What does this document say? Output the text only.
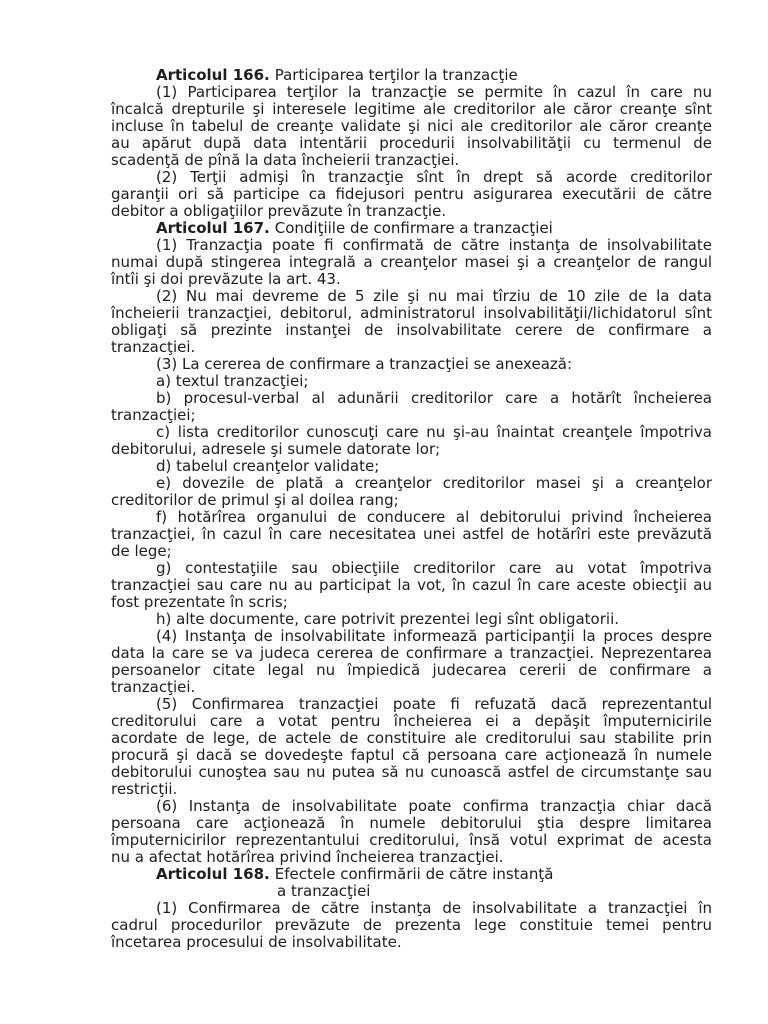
Articolul 166. Participarea terţilor la tranzacţie
(1) Participarea terţilor la tranzacţie se permite în cazul în care nu
încalcă drepturile şi interesele legitime ale creditorilor ale căror creanţe sînt
incluse în tabelul de creanţe validate şi nici ale creditorilor ale căror creanţe
au apărut după data intentării procedurii insolvabilităţii cu termenul de
scadenţă de pînă la data încheierii tranzacţiei.
(2) Terţii admişi în tranzacţie sînt în drept să acorde creditorilor
garanţii ori să participe ca fidejusori pentru asigurarea executării de către
debitor a obligaţiilor prevăzute în tranzacţie.
Articolul 167. Condiţiile de confirmare a tranzacţiei
(1) Tranzacţia poate fi confirmată de către instanţa de insolvabilitate
numai după stingerea integrală a creanţelor masei şi a creanţelor de rangul
întîi şi doi prevăzute la art. 43.
(2) Nu mai devreme de 5 zile şi nu mai tîrziu de 10 zile de la data
încheierii tranzacţiei, debitorul, administratorul insolvabilităţii/lichidatorul sînt
obligaţi să prezinte instanţei de insolvabilitate cerere de confirmare a
tranzacţiei.
(3) La cererea de confirmare a tranzacţiei se anexează:
a) textul tranzacţiei;
b) procesul-verbal al adunării creditorilor care a hotărît încheierea
tranzacţiei;
c) lista creditorilor cunoscuţi care nu şi-au înaintat creanţele împotriva
debitorului, adresele şi sumele datorate lor;
d) tabelul creanţelor validate;
e) dovezile de plată a creanţelor creditorilor masei şi a creanţelor
creditorilor de primul şi al doilea rang;
f) hotărîrea organului de conducere al debitorului privind încheierea
tranzacţiei, în cazul în care necesitatea unei astfel de hotărîri este prevăzută
de lege;
g) contestaţiile sau obiecţiile creditorilor care au votat împotriva
tranzacţiei sau care nu au participat la vot, în cazul în care aceste obiecţii au
fost prezentate în scris;
h) alte documente, care potrivit prezentei legi sînt obligatorii.
(4) Instanţa de insolvabilitate informează participanţii la proces despre
data la care se va judeca cererea de confirmare a tranzacţiei. Neprezentarea
persoanelor citate legal nu împiedică judecarea cererii de confirmare a
tranzacţiei.
(5) Confirmarea tranzacţiei poate fi refuzată dacă reprezentantul
creditorului care a votat pentru încheierea ei a depăşit împuternicirile
acordate de lege, de actele de constituire ale creditorului sau stabilite prin
procură şi dacă se dovedeşte faptul că persoana care acţionează în numele
debitorului cunoştea sau nu putea să nu cunoască astfel de circumstanţe sau
restricţii.
(6) Instanţa de insolvabilitate poate confirma tranzacţia chiar dacă
persoana care acţionează în numele debitorului ştia despre limitarea
împuternicirilor reprezentantului creditorului, însă votul exprimat de acesta
nu a afectat hotărîrea privind încheierea tranzacţiei.
Articolul 168. Efectele confirmării de către instanţă
a tranzacţiei
(1) Confirmarea de către instanţa de insolvabilitate a tranzacţiei în
cadrul procedurilor prevăzute de prezenta lege constituie temei pentru
încetarea procesului de insolvabilitate.
